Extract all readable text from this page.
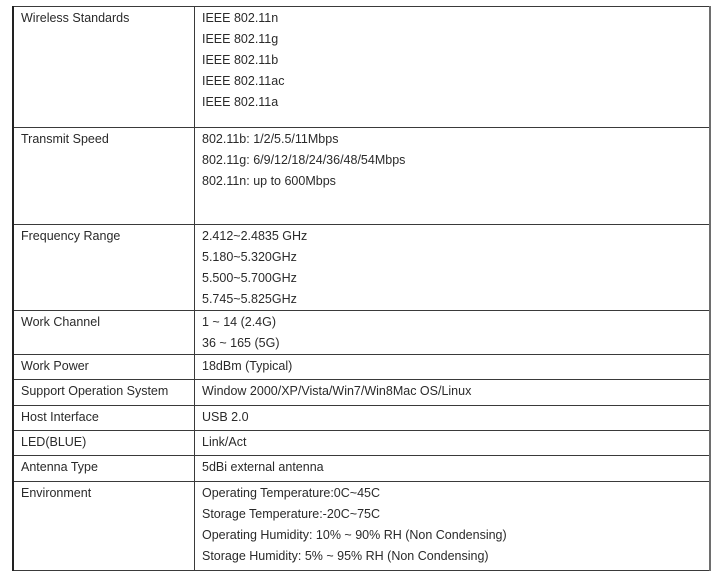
Wireless Standards	IEEE 802.11n
IEEE 802.11g
IEEE 802.11b
IEEE 802.11ac
IEEE 802.11a

Transmit Speed	802.11b: 1/2/5.5/11Mbps
802.11g: 6/9/12/18/24/36/48/54Mbps
802.11n: up to 600Mbps

Frequency Range	2.412~2.4835 GHz
5.180~5.320GHz
5.500~5.700GHz
5.745~5.825GHz

Work Channel	1 ~ 14 (2.4G)
36 ~ 165 (5G)

Work Power	18dBm (Typical)

Support Operation System	Window 2000/XP/Vista/Win7/Win8Mac OS/Linux

Host Interface	USB 2.0

LED(BLUE)	Link/Act

Antenna Type	5dBi external antenna

Environment	Operating Temperature:0C~45C
Storage Temperature:-20C~75C
Operating Humidity: 10% ~ 90% RH (Non Condensing)
Storage Humidity: 5% ~ 95% RH (Non Condensing)
